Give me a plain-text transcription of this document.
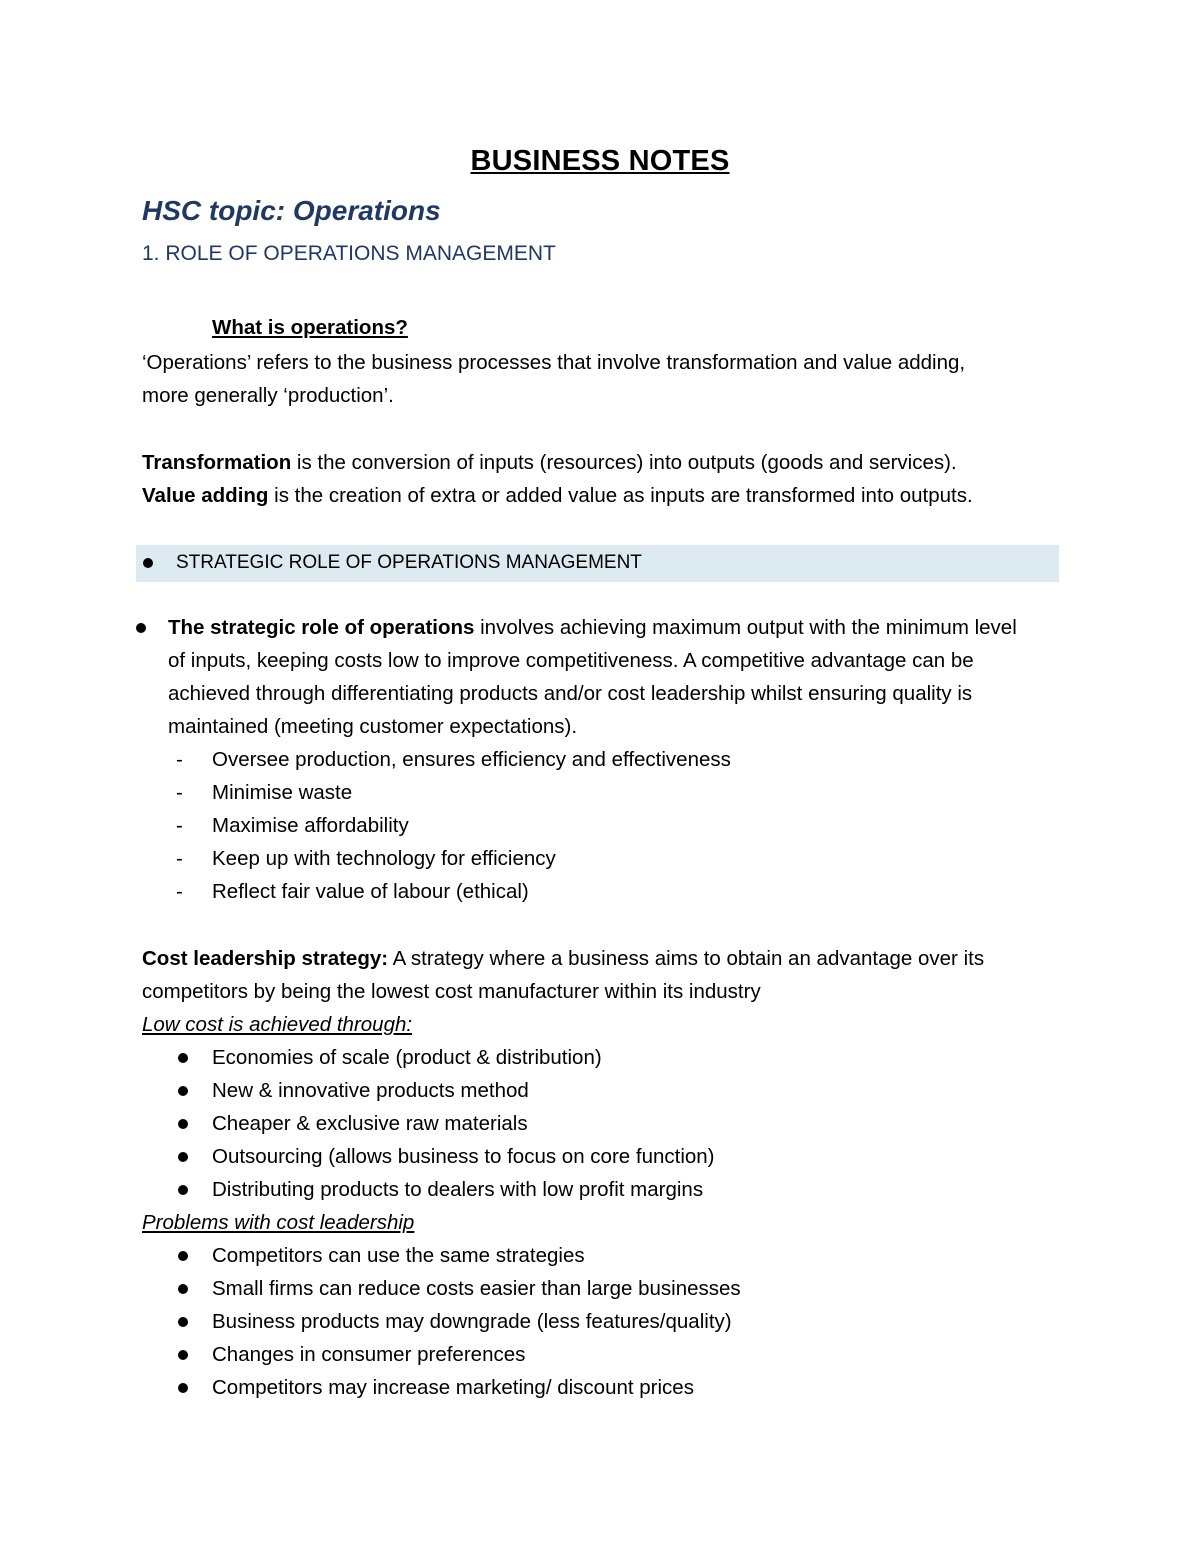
BUSINESS NOTES
HSC topic: Operations
1. ROLE OF OPERATIONS MANAGEMENT
What is operations?
‘Operations’ refers to the business processes that involve transformation and value adding,
more generally ‘production’.
Transformation is the conversion of inputs (resources) into outputs (goods and services).
Value adding is the creation of extra or added value as inputs are transformed into outputs.
STRATEGIC ROLE OF OPERATIONS MANAGEMENT
The strategic role of operations involves achieving maximum output with the minimum level
of inputs, keeping costs low to improve competitiveness. A competitive advantage can be
achieved through differentiating products and/or cost leadership whilst ensuring quality is
maintained (meeting customer expectations).
- Oversee production, ensures efficiency and effectiveness
- Minimise waste
- Maximise affordability
- Keep up with technology for efficiency
- Reflect fair value of labour (ethical)
Cost leadership strategy: A strategy where a business aims to obtain an advantage over its
competitors by being the lowest cost manufacturer within its industry
Low cost is achieved through:
Economies of scale (product & distribution)
New & innovative products method
Cheaper & exclusive raw materials
Outsourcing (allows business to focus on core function)
Distributing products to dealers with low profit margins
Problems with cost leadership
Competitors can use the same strategies
Small firms can reduce costs easier than large businesses
Business products may downgrade (less features/quality)
Changes in consumer preferences
Competitors may increase marketing/ discount prices
